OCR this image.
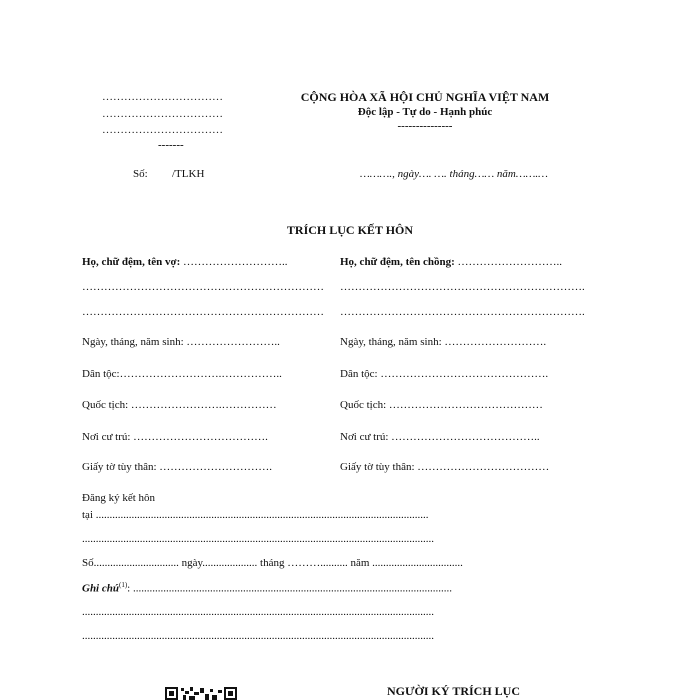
……………………………
……………………………
……………………………
-------
CỘNG HÒA XÃ HỘI CHỦ NGHĨA VIỆT NAM
Độc lập - Tự do - Hạnh phúc
---------------
Số: /TLKH	………., ngày…. …. tháng…… năm…….…
TRÍCH LỤC KẾT HÔN
Họ, chữ đệm, tên vợ: ………………………..
…………………………………………………………
…………………………………………………………
Ngày, tháng, năm sinh: ……………………..
Dân tộc:……………………….……………..
Quốc tịch: …………………….……………
Nơi cư trú: ……………………………….
Giấy tờ tùy thân: ………………………….
Họ, chữ đệm, tên chồng: ………………………..
………………………………………………………….
………………………………………………………….
Ngày, tháng, năm sinh: ……………………….
Dân tộc: ……………………………………….
Quốc tịch: ……………………………………
Nơi cư trú: …………………………………..
Giấy tờ tùy thân: ………………………………
Đăng ký kết hôn
tại .........................................................................................................................
................................................................................................................................
Số............................... ngày.................... tháng ……….......... năm .................................
Ghi chú$^{(1)}$: ....................................................................................................................
................................................................................................................................
................................................................................................................................
NGƯỜI KÝ TRÍCH LỤC
